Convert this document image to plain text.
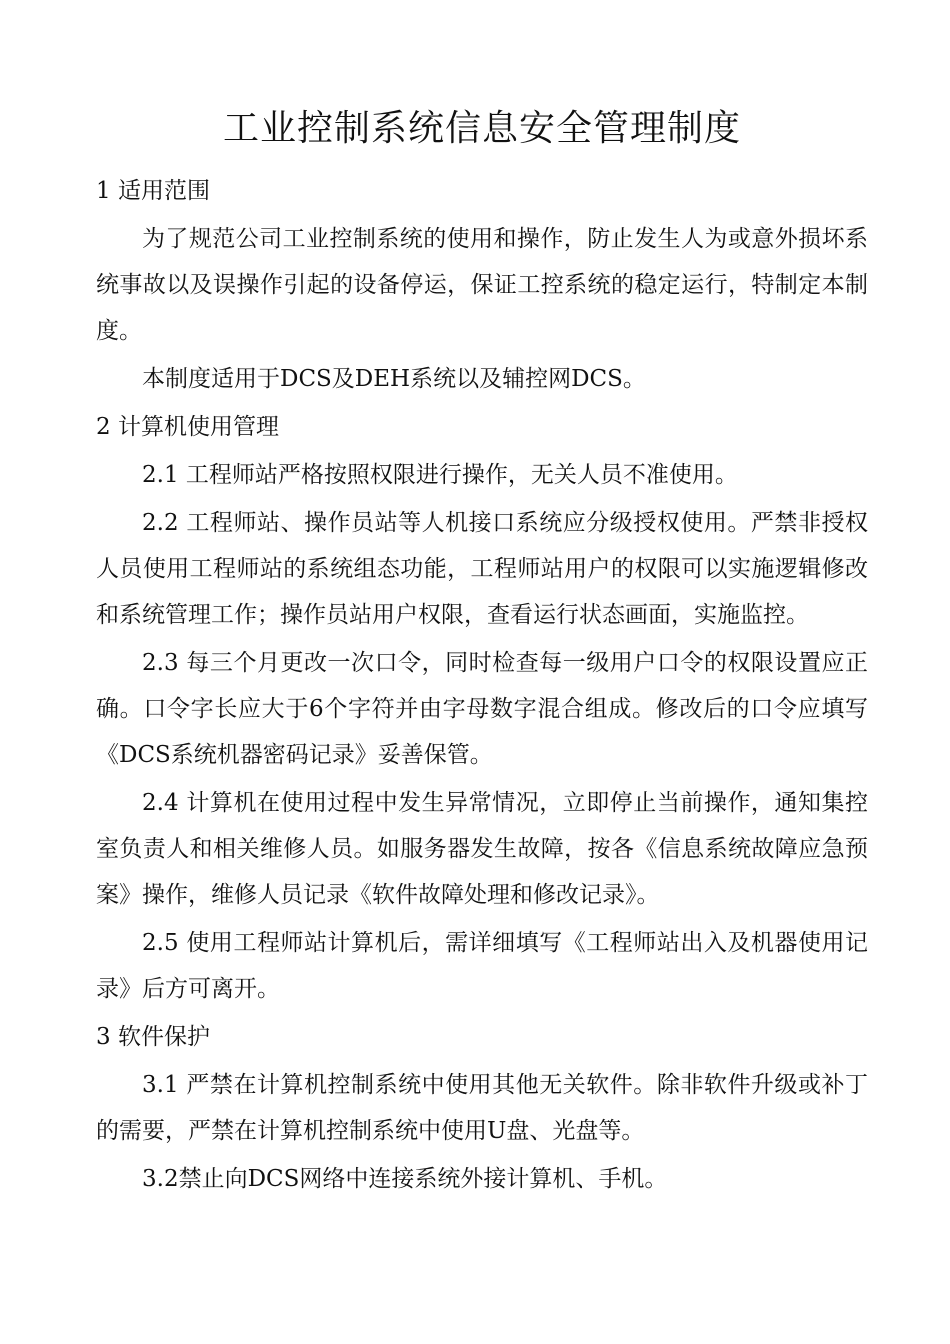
工业控制系统信息安全管理制度
1 适用范围

为了规范公司工业控制系统的使用和操作，防止发生人为或意外损坏系统事故以及误操作引起的设备停运，保证工控系统的稳定运行，特制定本制度。

本制度适用于DCS及DEH系统以及辅控网DCS。

2 计算机使用管理

2.1 工程师站严格按照权限进行操作，无关人员不准使用。

2.2 工程师站、操作员站等人机接口系统应分级授权使用。严禁非授权人员使用工程师站的系统组态功能，工程师站用户的权限可以实施逻辑修改和系统管理工作；操作员站用户权限，查看运行状态画面，实施监控。

2.3 每三个月更改一次口令，同时检查每一级用户口令的权限设置应正确。口令字长应大于6个字符并由字母数字混合组成。修改后的口令应填写《DCS系统机器密码记录》妥善保管。

2.4 计算机在使用过程中发生异常情况，立即停止当前操作，通知集控室负责人和相关维修人员。如服务器发生故障，按各《信息系统故障应急预案》操作，维修人员记录《软件故障处理和修改记录》。

2.5 使用工程师站计算机后，需详细填写《工程师站出入及机器使用记录》后方可离开。

3 软件保护

3.1 严禁在计算机控制系统中使用其他无关软件。除非软件升级或补丁的需要，严禁在计算机控制系统中使用U盘、光盘等。

3.2禁止向DCS网络中连接系统外接计算机、手机。
